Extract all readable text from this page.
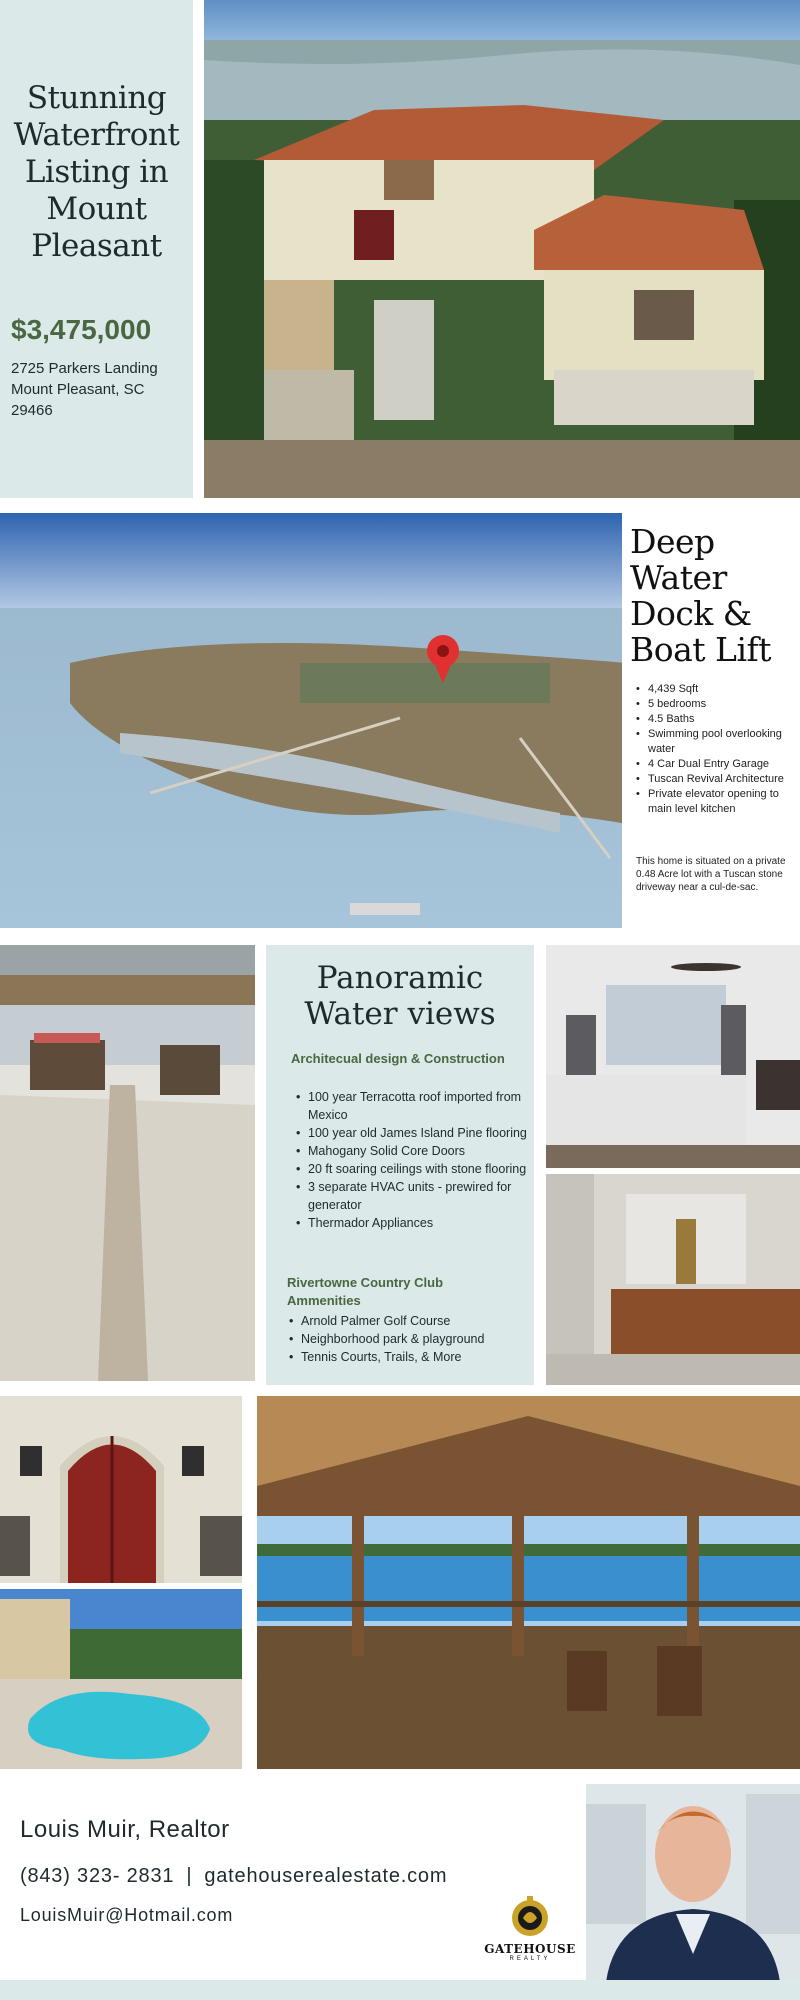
Stunning Waterfront Listing in Mount Pleasant
$3,475,000
2725 Parkers Landing
Mount Pleasant, SC
29466
Deep Water Dock & Boat Lift
• 4,439 Sqft
• 5 bedrooms
• 4.5 Baths
• Swimming pool overlooking water
• 4 Car Dual Entry Garage
• Tuscan Revival Architecture
• Private elevator opening to main level kitchen
This home is situated on a private 0.48 Acre lot with a Tuscan stone driveway near a cul-de-sac.
Panoramic Water views
Architecual design & Construction
• 100 year Terracotta roof imported from Mexico
• 100 year old James Island Pine flooring
• Mahogany Solid Core Doors
• 20 ft soaring ceilings with stone flooring
• 3 separate HVAC units - prewired for generator
• Thermador Appliances
Rivertowne Country Club Ammenities
• Arnold Palmer Golf Course
• Neighborhood park & playground
• Tennis Courts, Trails, & More
Louis Muir, Realtor
(843) 323- 2831 | gatehouserealestate.com
LouisMuir@Hotmail.com
GATEHOUSE
REALTY
